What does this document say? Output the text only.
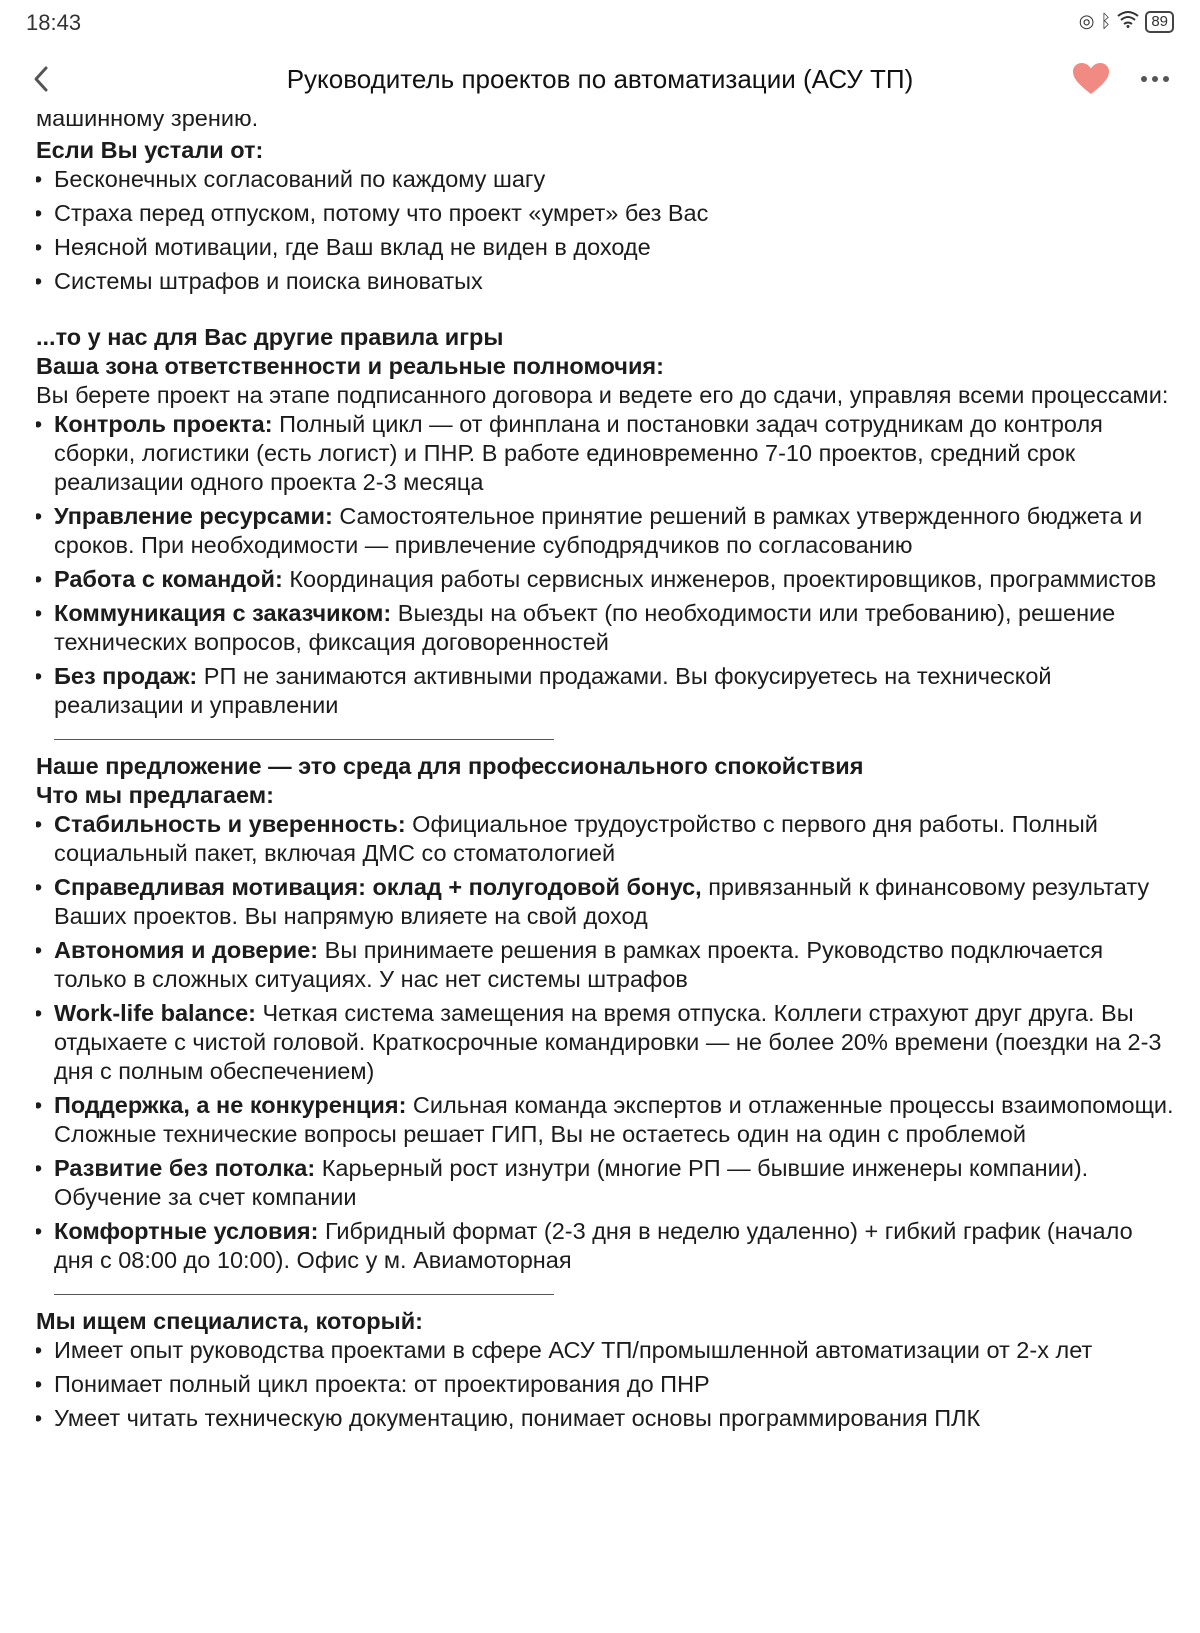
18:43	◎ ᛒ	89
Руководитель проектов по автоматизации (АСУ ТП)
машинному зрению.

Если Вы устали от:

• Бесконечных согласований по каждому шагу
• Страха перед отпуском, потому что проект «умрет» без Вас
• Неясной мотивации, где Ваш вклад не виден в доходе
• Системы штрафов и поиска виноватых

...то у нас для Вас другие правила игры

Ваша зона ответственности и реальные полномочия:

Вы берете проект на этапе подписанного договора и ведете его до сдачи, управляя всеми процессами:

• Контроль проекта: Полный цикл — от финплана и постановки задач сотрудникам до контроля сборки, логистики (есть логист) и ПНР. В работе единовременно 7-10 проектов, средний срок реализации одного проекта 2-3 месяца
• Управление ресурсами: Самостоятельное принятие решений в рамках утвержденного бюджета и сроков. При необходимости — привлечение субподрядчиков по согласованию
• Работа с командой: Координация работы сервисных инженеров, проектировщиков, программистов
• Коммуникация с заказчиком: Выезды на объект (по необходимости или требованию), решение технических вопросов, фиксация договоренностей
• Без продаж: РП не занимаются активными продажами. Вы фокусируетесь на технической реализации и управлении

Наше предложение — это среда для профессионального спокойствия

Что мы предлагаем:

• Стабильность и уверенность: Официальное трудоустройство с первого дня работы. Полный социальный пакет, включая ДМС со стоматологией
• Справедливая мотивация: оклад + полугодовой бонус, привязанный к финансовому результату Ваших проектов. Вы напрямую влияете на свой доход
• Автономия и доверие: Вы принимаете решения в рамках проекта. Руководство подключается только в сложных ситуациях. У нас нет системы штрафов
• Work-life balance: Четкая система замещения на время отпуска. Коллеги страхуют друг друга. Вы отдыхаете с чистой головой. Краткосрочные командировки — не более 20% времени (поездки на 2-3 дня с полным обеспечением)
• Поддержка, а не конкуренция: Сильная команда экспертов и отлаженные процессы взаимопомощи. Сложные технические вопросы решает ГИП, Вы не остаетесь один на один с проблемой
• Развитие без потолка: Карьерный рост изнутри (многие РП — бывшие инженеры компании). Обучение за счет компании
• Комфортные условия: Гибридный формат (2-3 дня в неделю удаленно) + гибкий график (начало дня с 08:00 до 10:00). Офис у м. Авиамоторная

Мы ищем специалиста, который:

• Имеет опыт руководства проектами в сфере АСУ ТП/промышленной автоматизации от 2-х лет
• Понимает полный цикл проекта: от проектирования до ПНР
• Умеет читать техническую документацию, понимает основы программирования ПЛК
